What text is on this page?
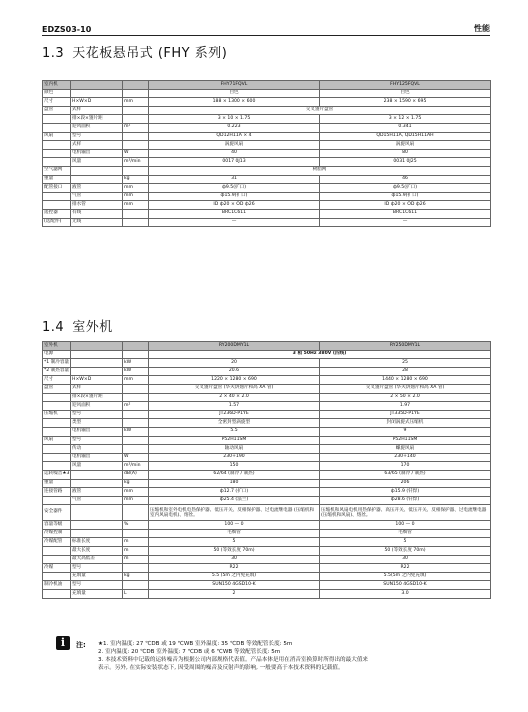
EDZS03-10	性能
1.3 天花板悬吊式 (FHY 系列)
室内机			FHY71FQVL	FHY125FQVL
颜色			白色	白色
尺寸	H×W×D	mm	188 × 1300 × 600	238 × 1590 × 695
盘管	式样		交叉翅片盘管	
	排×段×翅片距		3 × 10 × 1.75	3 × 12 × 1.75
	迎风面积	m²	0.223	0.341
风扇	型号		QD12H11A × 4	QD15H11A, QD15H11AH
	式样		涡旋风扇	涡旋风扇
	电机输出	W	40	80
	风量	m³/min	0017 0J13	0031 0J25
空气滤网			树脂网	
重量		kg	31	46
配管接口	液管	mm	ф9.5(扩口)	ф9.5(扩口)
	气管	mm	ф15.9(扩口)	ф15.9(扩口)
	排水管	mm	ID ф20 × OD ф26	ID ф20 × OD ф26
遥控器	有线		BRC1C611	BRC1C611
(选配件)	无线		—	—
1.4 室外机
室外机			RY200DMY1L	RY250DMY1L
电源			3 相 50Hz 380V (四线)	
*1 制冷容量		kW	20	25
*2 制热容量		kW	20.6	28
尺寸	H×W×D	mm	1220 × 1280 × 690	1440 × 1280 × 690
盘管	式样		交叉翅片盘管 (华夫饼翅片和高 XA 管)	交叉翅片盘管 (华夫饼翅片和高 XA 管)
	排×段×翅片距		2 × 40 × 2.0	2 × 50 × 2.0
	迎风面积	m²	1.57	1.97
压缩机	型号		JT236D-P1YE	JT335D-P1YE
	类型		全密封型涡旋型	封闭涡旋式压缩机
	电机输出	kW	5.5	9
风扇	型号		P52H11SM	P52H11SM
	传动		轴动风扇	螺旋风扇
	电机输出	W	230+190	230+140
	风量	m³/min	150	170
运转噪音★3		dB(A)	62/64 (制冷 / 制热)	63/65 (制冷 / 制热)
重量		kg	180	206
连接管路	液管	mm	ф12.7 (扩口)	ф15.9 (钎焊)
	气管	mm	ф25.4 (法兰)	ф28.6 (钎焊)
安全器件			压缩机和室外电机电热保护器、低压开关、反相保护器、过电流继电器 (压缩机和室内风扇电机)、熔丝。	压缩机和风扇电机用热保护器、高压开关、低压开关、反相保护器、过电流继电器 (压缩机和风扇)、熔丝。
容量等级		%	100 — 0	100 — 0
冷媒控制			毛细管	毛细管
冷媒配管	标准长度	m	5	5
	最大长度	m	50 (等效长度 70m)	50 (等效长度 70m)
	最大高低差	m	30	30
冷媒	型号		R22	R22
	充填量	kg	5.5 (5m 之内免充填)	5.5(5m 之内免充填)
制冷机油	型号		SUN150 4GSD10-K	SUN150 4GSD10-K
	充填量	L	2	3.0
i	注: ★1. 室内温度: 27 ℃DB 或 19 ℃WB 室外温度: 35 ℃DB 等效配管长度: 5m
2. 室内温度: 20 ℃DB 室外温度: 7 ℃DB 或 6 ℃WB 等效配管长度: 5m
3. 本技术资料中记载的运转噪音为根据公司内部规格代表值。产品本体是用在消音室换算时所得出的最大值来
表示。另外, 在实际安装状态下, 因受周围的噪音及反射声的影响, 一般要高于本技术资料的记载值。
